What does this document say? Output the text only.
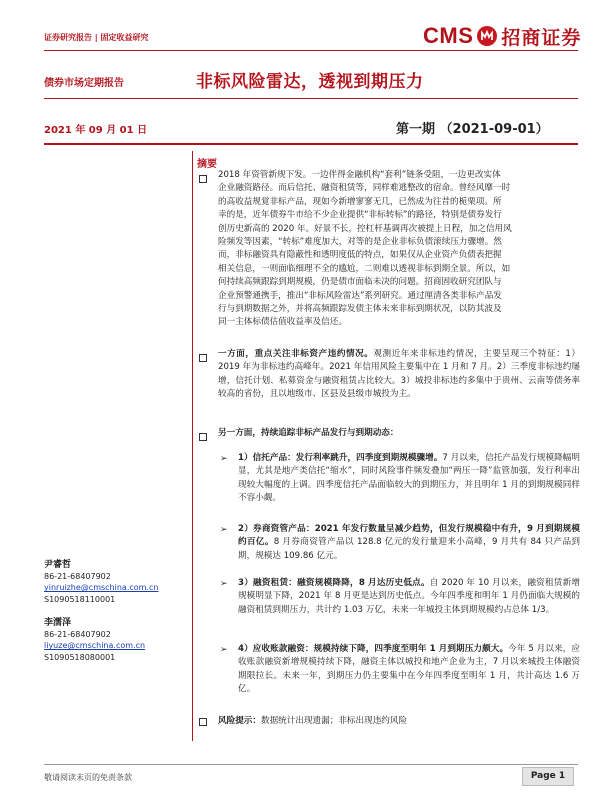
证券研究报告 | 固定收益研究	CMS 招商证券
债券市场定期报告	非标风险雷达，透视到期压力
2021 年 09 月 01 日	第一期 （2021-09-01）
摘要
2018 年资管新规下发。一边伴得金融机构“套利”链条受阻，一边更改实体
企业融资路径。而后信托、融资租赁等，同样难逃整改的宿命。曾经风靡一时
的高收益规覚非标产品，现如今新增寥寥无几，已然成为往昔的栀栗项。所
幸的是，近年债券牛市给不少企业提供“非标转标”的路径，特别是债券发行
创历史新高的 2020 年。好景不长，控杠杆基调再次被提上日程，加之信用风
险频发等因素，“转标”难度加大，对等的是企业非标负债滚续压力骤增。然
而，非标融资具有隐蔽性和透明度低的特点，如果仅从企业资产负债表把握
相关信息，一则面临细理不全的尴尬，二则难以透视非标到期全景。所以，如
何持续高频跟踪到期规模，仍是债市面临未决的问题。招商固收研究团队与
企业预警通携手，推出“非标风险雷达”系列研究。通过厘清各类非标产品发
行与到期数据之外，并将高频跟踪发债主体未来非标到期状况，以防其波及
同一主体标债估值收益率及信还。
一方面，重点关注非标资产违约情况。观测近年来非标违约情况，主要呈现三个特征：1）2019 年为非标违约高峰年。2021 年信用风险主要集中在 1 月和 7 月。2）三季度非标违约屡增，信托计划、私募资金与融资租赁占比较大。3）城投非标违约多集中于贵州、云南等债务率较高的省份，且以地级市、区县及县级市城投为主。
另一方面，持续追踪非标产品发行与到期动态：
➢ 1）信托产品：发行利率跳升，四季度到期规模骤增。7 月以来，信托产品发行规模降幅明显，尤其是地产类信托“缩水”，同时风险事件频发叠加“两压一降”监管加强，发行利率出现较大幅度的上调。四季度信托产品面临较大的到期压力，并且明年 1 月的到期规模同样不容小觑。
➢ 2）券商资管产品：2021 年发行数量呈减少趋势，但发行规模稳中有升，9 月到期规模约百亿。8 月券商资管产品以 128.8 亿元的发行量迎来小高峰，9 月共有 84 只产品到期，规模达 109.86 亿元。
➢ 3）融资租赁：融资规模降降，8 月达历史低点。自 2020 年 10 月以来，融资租赁新增规模明显下降，2021 年 8 月更是达到历史低点。今年四季度和明年 1 月仍面临大规模的融资租赁到期压力，共计约 1.03 万亿，未来一年城投主体到期规模约占总体 1/3。
➢ 4）应收账款融资：规模持续下降，四季度至明年 1 月到期压力颇大。今年 5 月以来，应收账款融资新增规模持续下降，融资主体以城投和地产企业为主，7 月以来城投主体融资期限拉长。未来一年，到期压力仍主要集中在今年四季度至明年 1 月，共计高达 1.6 万亿。
风险提示：数据统计出现遗漏；非标出现违约风险
尹睿哲
86-21-68407902
yinruizhe@cmschina.com.cn
S1090518110001
李濡泽
86-21-68407902
liyuze@cmschina.com.cn
S1090518080001
敬请阅读末页的免责条款	Page 1
